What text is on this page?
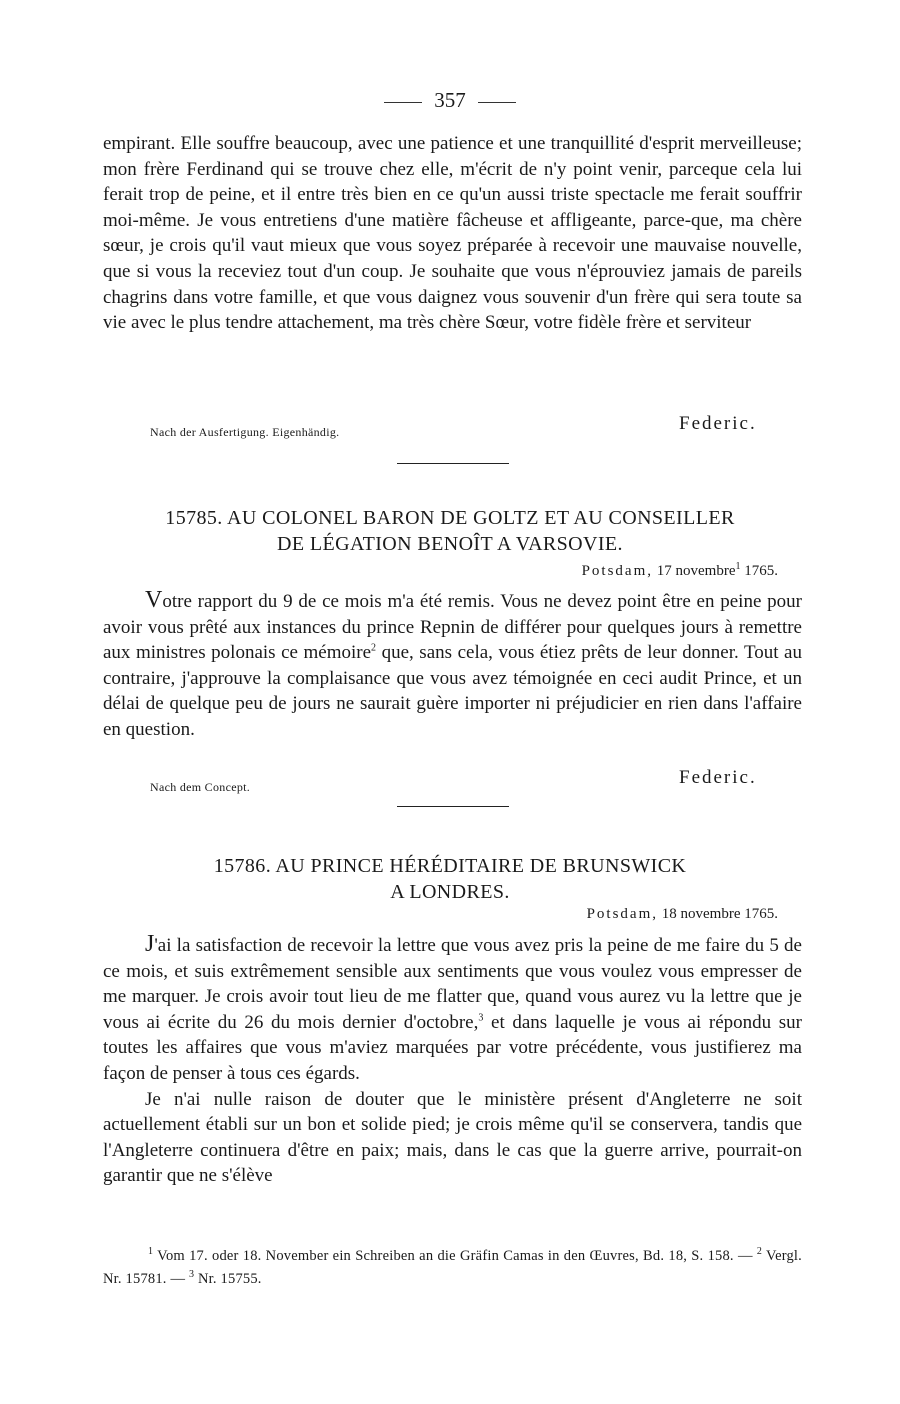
357

empirant. Elle souffre beaucoup, avec une patience et une tranquillité d'esprit merveilleuse; mon frère Ferdinand qui se trouve chez elle, m'écrit de n'y point venir, parceque cela lui ferait trop de peine, et il entre très bien en ce qu'un aussi triste spectacle me ferait souffrir moi-même. Je vous entretiens d'une matière fâcheuse et affligeante, parce-que, ma chère sœur, je crois qu'il vaut mieux que vous soyez préparée à recevoir une mauvaise nouvelle, que si vous la receviez tout d'un coup. Je souhaite que vous n'éprouviez jamais de pareils chagrins dans votre famille, et que vous daignez vous souvenir d'un frère qui sera toute sa vie avec le plus tendre attachement, ma très chère Sœur, votre fidèle frère et serviteur

Nach der Ausfertigung. Eigenhändig.	Federic.
15785. AU COLONEL BARON DE GOLTZ ET AU CONSEILLER
DE LÉGATION BENOÎT A VARSOVIE.
Potsdam, 17 novembre$^1$ 1765.

Votre rapport du 9 de ce mois m'a été remis. Vous ne devez point être en peine pour avoir vous prêté aux instances du prince Repnin de différer pour quelques jours à remettre aux ministres polonais ce mémoire$^2$ que, sans cela, vous étiez prêts de leur donner. Tout au contraire, j'approuve la complaisance que vous avez témoignée en ceci audit Prince, et un délai de quelque peu de jours ne saurait guère importer ni préjudicier en rien dans l'affaire en question.

Nach dem Concept.	Federic.
15786. AU PRINCE HÉRÉDITAIRE DE BRUNSWICK
A LONDRES.
Potsdam, 18 novembre 1765.

J'ai la satisfaction de recevoir la lettre que vous avez pris la peine de me faire du 5 de ce mois, et suis extrêmement sensible aux sentiments que vous voulez vous empresser de me marquer. Je crois avoir tout lieu de me flatter que, quand vous aurez vu la lettre que je vous ai écrite du 26 du mois dernier d'octobre,$^3$ et dans laquelle je vous ai répondu sur toutes les affaires que vous m'aviez marquées par votre précédente, vous justifierez ma façon de penser à tous ces égards.

Je n'ai nulle raison de douter que le ministère présent d'Angleterre ne soit actuellement établi sur un bon et solide pied; je crois même qu'il se conservera, tandis que l'Angleterre continuera d'être en paix; mais, dans le cas que la guerre arrive, pourrait-on garantir que ne s'élève

$^1$ Vom 17. oder 18. November ein Schreiben an die Gräfin Camas in den Œuvres, Bd. 18, S. 158. — $^2$ Vergl. Nr. 15781. — $^3$ Nr. 15755.
